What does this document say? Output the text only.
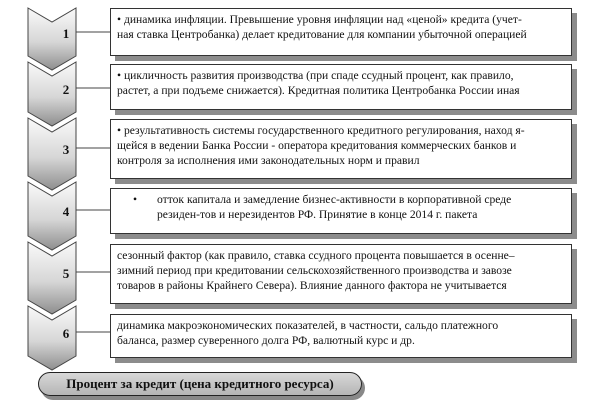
1
2
3
4
5
6
• динамика инфляции. Превышение уровня инфляции над «ценой» кредита (учет-
ная ставка Центробанка) делает кредитование для компании убыточной операцией
• цикличность развития производства (при спаде ссудный процент, как правило,
растет, а при подъеме снижается). Кредитная политика Центробанка России иная
• результативность системы государственного кредитного регулирования, наход я-
щейся в ведении Банка России - оператора кредитования коммерческих банков и
контроля за исполнения ими законодательных норм и правил
• отток капитала и замедление бизнес-активности в корпоративной среде
резиден-тов и нерезидентов РФ. Принятие в конце 2014 г. пакета
сезонный фактор (как правило, ставка ссудного процента повышается в осенне–
зимний период при кредитовании сельскохозяйственного производства и завозе
товаров в районы Крайнего Севера). Влияние данного фактора не учитывается
динамика макроэкономических показателей, в частности, сальдо платежного
баланса, размер суверенного долга РФ, валютный курс и др.
Процент за кредит (цена кредитного ресурса)
